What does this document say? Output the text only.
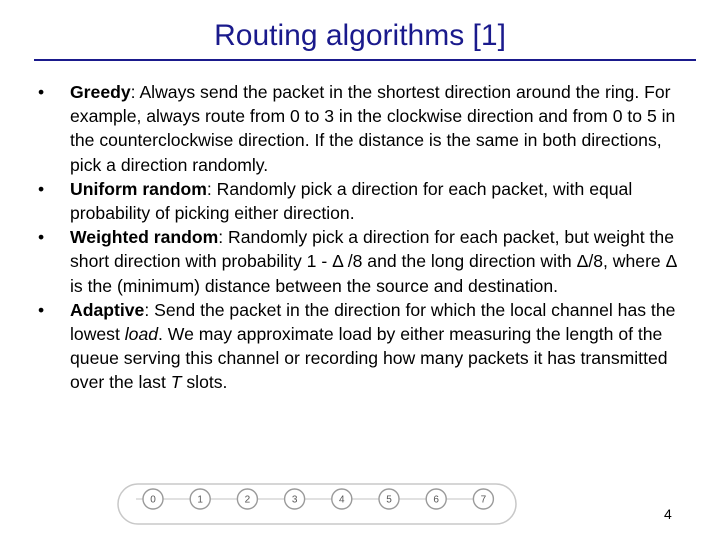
Routing algorithms [1]
•	Greedy: Always send the packet in the shortest direction around the ring. For example, always route from 0 to 3 in the clockwise direction and from 0 to 5 in the counterclockwise direction. If the distance is the same in both directions, pick a direction randomly.
•	Uniform random: Randomly pick a direction for each packet, with equal probability of picking either direction.
•	Weighted random: Randomly pick a direction for each packet, but weight the short direction with probability 1 - Δ /8 and the long direction with Δ/8, where Δ is the (minimum) distance between the source and destination.
•	Adaptive: Send the packet in the direction for which the local channel has the lowest load. We may approximate load by either measuring the length of the queue serving this channel or recording how many packets it has transmitted over the last T slots.
0	1	2	3	4	5	6	7
4
